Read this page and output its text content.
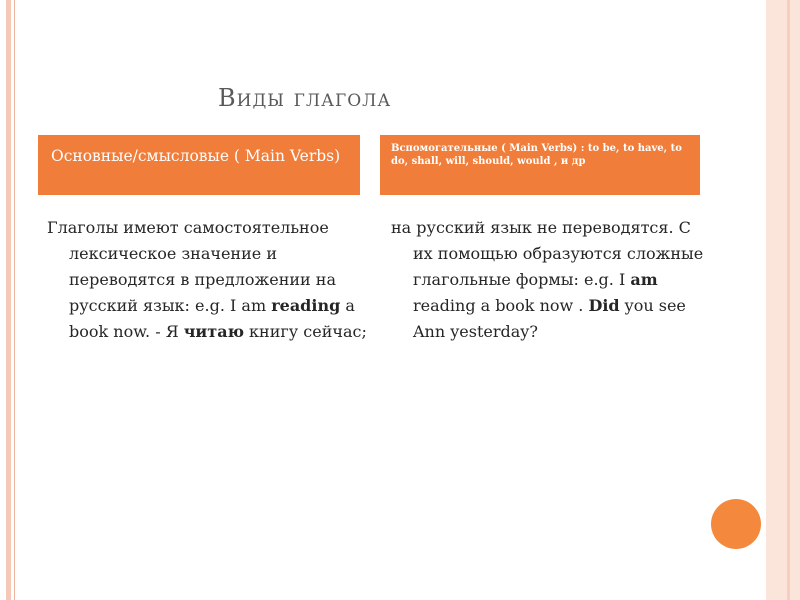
Виды глагола
Основные/смысловые ( Main Verbs)	Вспомогательные ( Main Verbs) : to be, to have, to do, shall, will, should, would , и др
Глаголы имеют самостоятельное лексическое значение и переводятся в предложении на русский язык: e.g. I am reading a book now. - Я читаю книгу сейчас;
на русский язык не переводятся. С их помощью образуются сложные глагольные формы: e.g. I am reading a book now . Did you see Ann yesterday?
